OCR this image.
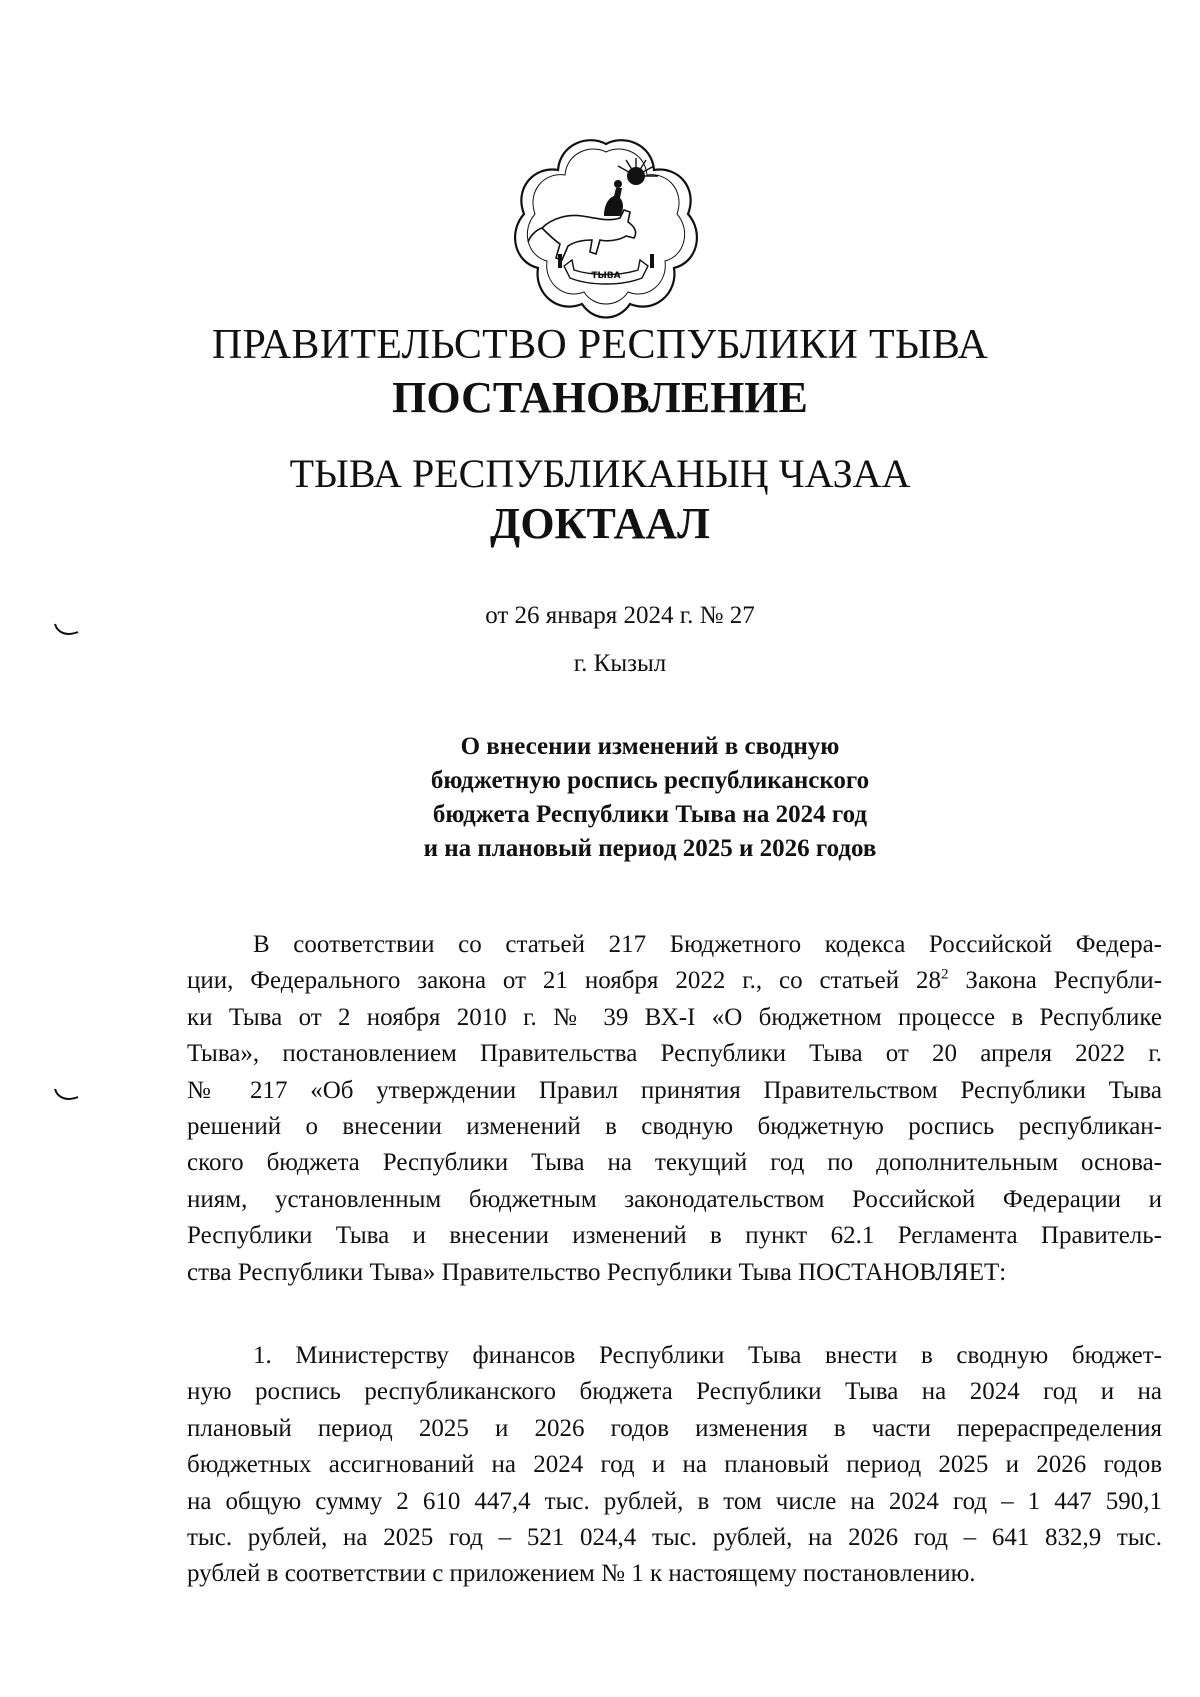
ТЫВА
ПРАВИТЕЛЬСТВО РЕСПУБЛИКИ ТЫВА
ПОСТАНОВЛЕНИЕ
ТЫВА РЕСПУБЛИКАНЫҢ ЧАЗАА
ДОКТААЛ
от 26 января 2024 г. № 27
г. Кызыл
О внесении изменений в сводную
бюджетную роспись республиканского
бюджета Республики Тыва на 2024 год
и на плановый период 2025 и 2026 годов
В соответствии со статьей 217 Бюджетного кодекса Российской Федера-
ции, Федерального закона от 21 ноября 2022 г., со статьей $28^2$ Закона Республи-
ки Тыва от 2 ноября 2010 г. № 39 ВХ-I «О бюджетном процессе в Республике
Тыва», постановлением Правительства Республики Тыва от 20 апреля 2022 г.
№ 217 «Об утверждении Правил принятия Правительством Республики Тыва
решений о внесении изменений в сводную бюджетную роспись республикан-
ского бюджета Республики Тыва на текущий год по дополнительным основа-
ниям, установленным бюджетным законодательством Российской Федерации и
Республики Тыва и внесении изменений в пункт 62.1 Регламента Правитель-
ства Республики Тыва» Правительство Республики Тыва ПОСТАНОВЛЯЕТ:
1. Министерству финансов Республики Тыва внести в сводную бюджет-
ную роспись республиканского бюджета Республики Тыва на 2024 год и на
плановый период 2025 и 2026 годов изменения в части перераспределения
бюджетных ассигнований на 2024 год и на плановый период 2025 и 2026 годов
на общую сумму 2 610 447,4 тыс. рублей, в том числе на 2024 год – 1 447 590,1
тыс. рублей, на 2025 год – 521 024,4 тыс. рублей, на 2026 год – 641 832,9 тыс.
рублей в соответствии с приложением № 1 к настоящему постановлению.
